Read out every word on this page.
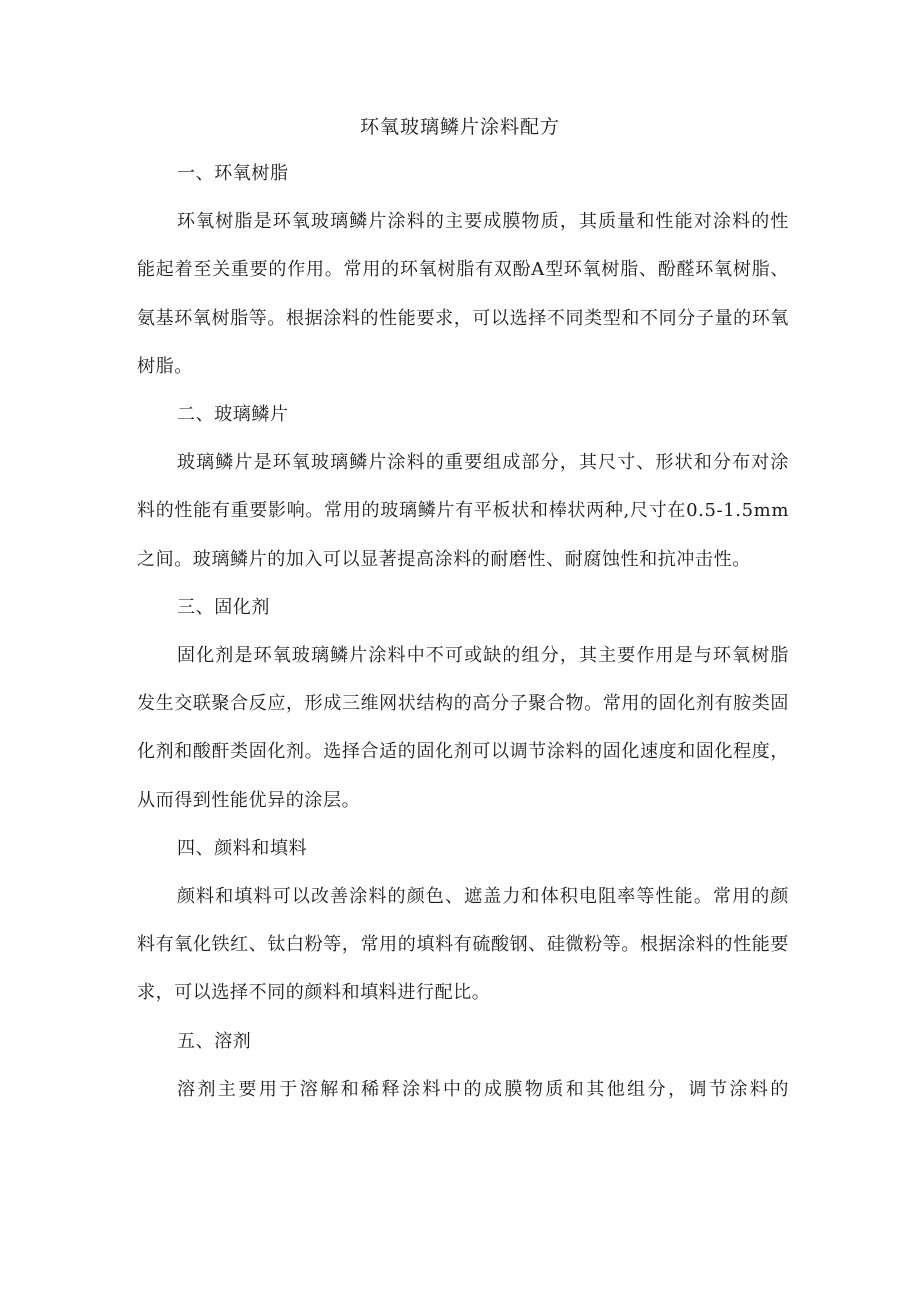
环氧玻璃鳞片涂料配方

一、环氧树脂

环氧树脂是环氧玻璃鳞片涂料的主要成膜物质，其质量和性能对涂料的性能起着至关重要的作用。常用的环氧树脂有双酚A型环氧树脂、酚醛环氧树脂、氨基环氧树脂等。根据涂料的性能要求，可以选择不同类型和不同分子量的环氧树脂。

二、玻璃鳞片

玻璃鳞片是环氧玻璃鳞片涂料的重要组成部分，其尺寸、形状和分布对涂料的性能有重要影响。常用的玻璃鳞片有平板状和棒状两种,尺寸在0.5-1.5mm之间。玻璃鳞片的加入可以显著提高涂料的耐磨性、耐腐蚀性和抗冲击性。

三、固化剂

固化剂是环氧玻璃鳞片涂料中不可或缺的组分，其主要作用是与环氧树脂发生交联聚合反应，形成三维网状结构的高分子聚合物。常用的固化剂有胺类固化剂和酸酐类固化剂。选择合适的固化剂可以调节涂料的固化速度和固化程度，从而得到性能优异的涂层。

四、颜料和填料

颜料和填料可以改善涂料的颜色、遮盖力和体积电阻率等性能。常用的颜料有氧化铁红、钛白粉等，常用的填料有硫酸钢、硅微粉等。根据涂料的性能要求，可以选择不同的颜料和填料进行配比。

五、溶剂

溶剂主要用于溶解和稀释涂料中的成膜物质和其他组分，调节涂料的
